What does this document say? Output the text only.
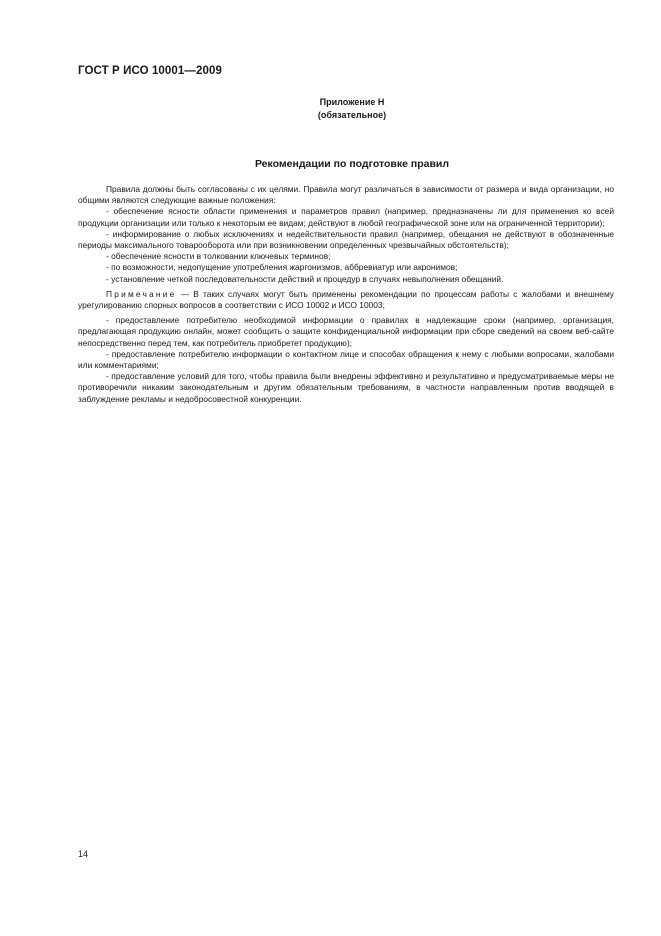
ГОСТ Р ИСО 10001—2009
Приложение Н
(обязательное)
Рекомендации по подготовке правил

Правила должны быть согласованы с их целями. Правила могут различаться в зависимости от размера и вида организации, но общими являются следующие важные положения:

- обеспечение ясности области применения и параметров правил (например, предназначены ли для применения ко всей продукции организации или только к некоторым ее видам; действуют в любой географической зоне или на ограниченной территории);

- информирование о любых исключениях и недействительности правил (например, обещания не действуют в обозначенные периоды максимального товарооборота или при возникновении определенных чрезвычайных обстоятельств);

- обеспечение ясности в толковании ключевых терминов;

- по возможности, недопущение употребления жаргонизмов, аббревиатур или акронимов;

- установление четкой последовательности действий и процедур в случаях невыполнения обещаний.

Примечание — В таких случаях могут быть применены рекомендации по процессам работы с жалобами и внешнему урегулированию спорных вопросов в соответствии с ИСО 10002 и ИСО 10003;

- предоставление потребителю необходимой информации о правилах в надлежащие сроки (например, организация, предлагающая продукцию онлайн, может сообщить о защите конфиденциальной информации при сборе сведений на своем веб-сайте непосредственно перед тем, как потребитель приобретет продукцию);

- предоставление потребителю информации о контактном лице и способах обращения к нему с любыми вопросами, жалобами или комментариями;

- предоставление условий для того, чтобы правила были внедрены эффективно и результативно и предусматриваемые меры не противоречили никаким законодательным и другим обязательным требованиям, в частности направленным против вводящей в заблуждение рекламы и недобросовестной конкуренции.

14
